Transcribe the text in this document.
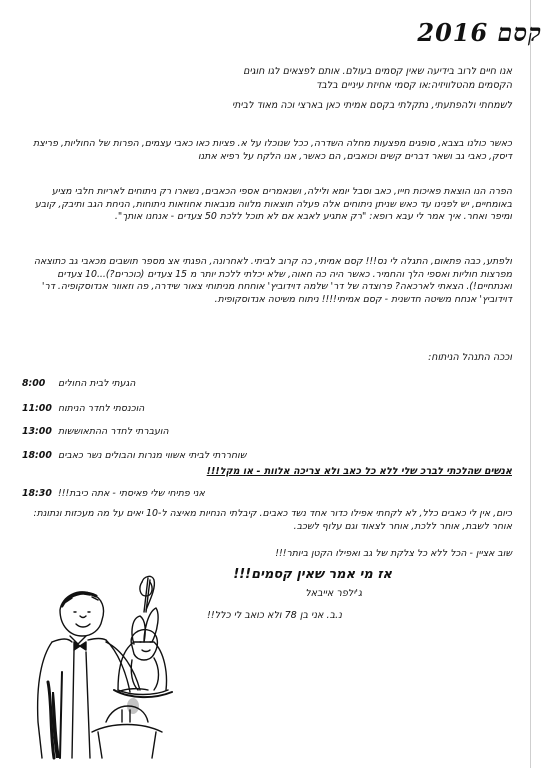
קסם 2016
אנו חיים לרוב בידיעה שאין קסמים בעולם. אותם לפצאים לגו חוגים
הקסמים מהטלוויזיה:או קסמי אחיזת עיניים בלבד
לשמחתי ולהפתעתי, נתקלתי בקסם אמיתי כאן בארצי וכה מאוד לביתי
כאשר כולנו בצבא, סופגים מפצעות מחלה השדרה, ככל שנוכלו על א. פציות כאו כאבי עצמים, הפרות של החוליות, פריצת דיסק, כאבי גב ושאר דברים קשים וכואבים, הם כאשר, אנו הלקח על רפיא אתנו
הפרה הנו הוצאת פאיכות חייו, כאב וסבל יומא ולילה, ושנאמרים אספי הכאבים, נשארו רק ניתוחים לאריות חלבי מציע באומחיים, יש לפנינו עד כאש שניתן ניתוחים אלה פעלה תוצאות מלווה מנבאות אחוזאות ניתוחות, הניחת הגב ותיבק, קובע ומיפר ואחר. איך אמר לי עבא רופא: "רק אתגיע לאבא אם לא תוכל ללכת 50 צעדים - אנחנו אותך".
ולפתע, כבה פתאום, התגלה לי נס!!! קסם אמיתי, כה קרוב לביתי. לאחרונה, הפגתי אצ מספר תושבים מכאבי גב כתוצאה מפרצות חוליות ואספי הלך והחמיר. כאשר היה כה חאוה, שלא יכלתי ללכת יותר מ 15 צעדים (כוכרים?)...10 צעדים ואנתחיים!). הצאתי לארכאה? פרוצדה של דר' שלמה דוידוביץ' אוחחח מניתוחי צאור שידרה, פה וזאוור אנדוסקופיה. דר' דוידוביץ' אנחח משיטה חדשנית - קסם אמיתי!!!! ניתוח משיטה אנדוסקופית.
וככה התנהל הניתוח:
8:00	הגעתי לבית החולים
11:00 הוכנסתי לחדר הניתוח
13:00 הועברתי לחדר ההתאוששות
18:00 שוחררתי לביתי אשווי מנרות והבולים נשר כאבים
אנשים שהלכתי לברכ שלי ללא כל כאב ולא צריכה אלוות - או מקל!!!
18:30 אני פתיחי שלי פאיסתי - אתה כיבת!!!
כיום, אין לי כאבים כלל, לא לקחתי אפילו כדור אחד נשד כאבים. קיבלתי הנחיות מאיצה ל-10 יאים על מה מעכזות ונתונת: אוחר לשבת, אוחר ללכת, אוחר לצאוד וגם עלוף לשכב.
שוב אציין - הכל ללא כל צלקת של גב ואפילו הקטן ביותר!!!
אז מי אמר שאין קסמים!!!
ג'ילפר אייבאל
נ.ב. אני בן 78 ולא כואב לי כלל!!
